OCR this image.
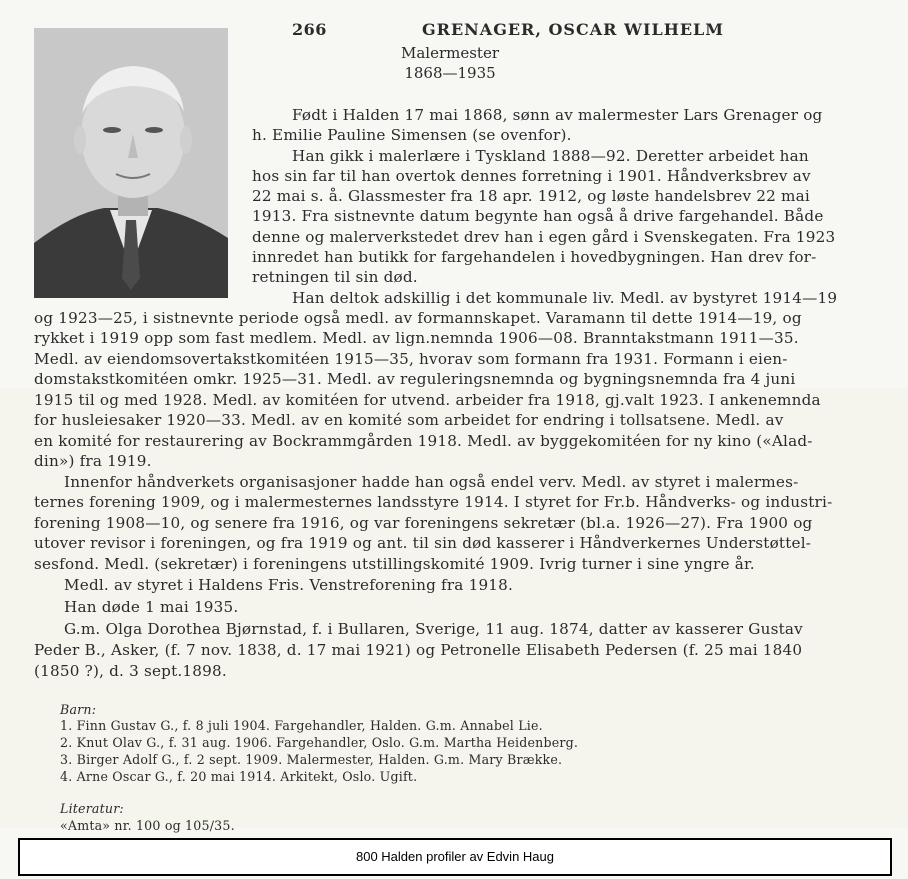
266	GRENAGER, OSCAR WILHELM
Malermester
1868—1935
Født i Halden 17 mai 1868, sønn av malermester Lars Grenager og
h. Emilie Pauline Simensen (se ovenfor).
Han gikk i malerlære i Tyskland 1888—92. Deretter arbeidet han
hos sin far til han overtok dennes forretning i 1901. Håndverksbrev av
22 mai s. å. Glassmester fra 18 apr. 1912, og løste handelsbrev 22 mai
1913. Fra sistnevnte datum begynte han også å drive fargehandel. Både
denne og malerverkstedet drev han i egen gård i Svenskegaten. Fra 1923
innredet han butikk for fargehandelen i hovedbygningen. Han drev for-
retningen til sin død.
Han deltok adskillig i det kommunale liv. Medl. av bystyret 1914—19
og 1923—25, i sistnevnte periode også medl. av formannskapet. Varamann til dette 1914—19, og
rykket i 1919 opp som fast medlem. Medl. av lign.nemnda 1906—08. Branntakstmann 1911—35.
Medl. av eiendomsovertakstkomitéen 1915—35, hvorav som formann fra 1931. Formann i eien-
domstakstkomitéen omkr. 1925—31. Medl. av reguleringsnemnda og bygningsnemnda fra 4 juni
1915 til og med 1928. Medl. av komitéen for utvend. arbeider fra 1918, gj.valt 1923. I ankenemnda
for husleiesaker 1920—33. Medl. av en komité som arbeidet for endring i tollsatsene. Medl. av
en komité for restaurering av Bockrammgården 1918. Medl. av byggekomitéen for ny kino («Alad-
din») fra 1919.
Innenfor håndverkets organisasjoner hadde han også endel verv. Medl. av styret i malermes-
ternes forening 1909, og i malermesternes landsstyre 1914. I styret for Fr.b. Håndverks- og industri-
forening 1908—10, og senere fra 1916, og var foreningens sekretær (bl.a. 1926—27). Fra 1900 og
utover revisor i foreningen, og fra 1919 og ant. til sin død kasserer i Håndverkernes Understøttel-
sesfond. Medl. (sekretær) i foreningens utstillingskomité 1909. Ivrig turner i sine yngre år.
Medl. av styret i Haldens Fris. Venstreforening fra 1918.
Han døde 1 mai 1935.
G.m. Olga Dorothea Bjørnstad, f. i Bullaren, Sverige, 11 aug. 1874, datter av kasserer Gustav
Peder B., Asker, (f. 7 nov. 1838, d. 17 mai 1921) og Petronelle Elisabeth Pedersen (f. 25 mai 1840
(1850 ?), d. 3 sept.1898.
Barn:
1. Finn Gustav G., f. 8 juli 1904. Fargehandler, Halden. G.m. Annabel Lie.
2. Knut Olav G., f. 31 aug. 1906. Fargehandler, Oslo. G.m. Martha Heidenberg.
3. Birger Adolf G., f. 2 sept. 1909. Malermester, Halden. G.m. Mary Brække.
4. Arne Oscar G., f. 20 mai 1914. Arkitekt, Oslo. Ugift.
Literatur:
«Amta» nr. 100 og 105/35.
800 Halden profiler av Edvin Haug
